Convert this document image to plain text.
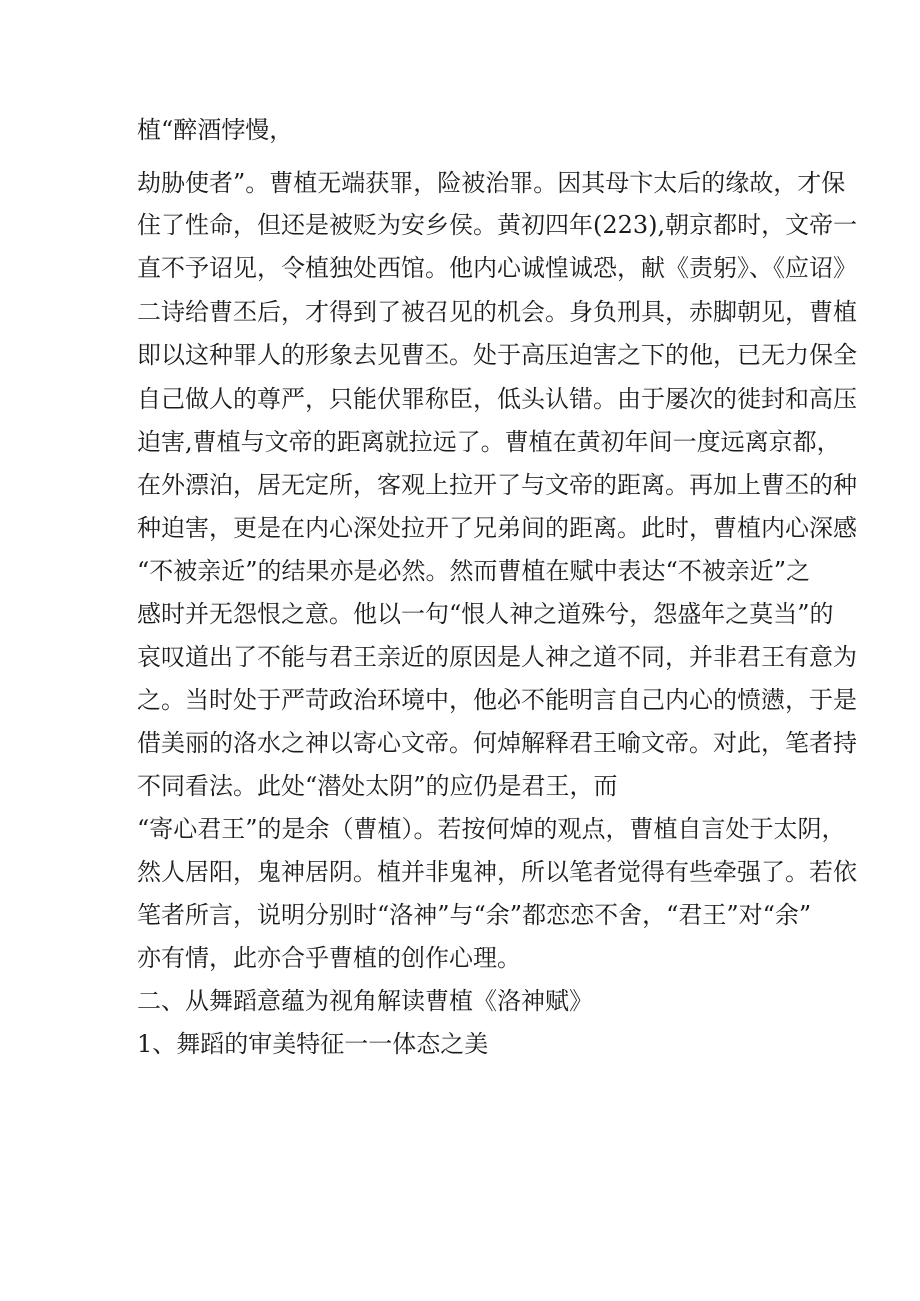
植“醉酒悖慢，

劫胁使者”。曹植无端获罪，险被治罪。因其母卞太后的缘故，才保

住了性命，但还是被贬为安乡侯。黄初四年(223),朝京都时，文帝一

直不予诏见，令植独处西馆。他内心诚惶诚恐，献《责躬》、《应诏》

二诗给曹丕后，才得到了被召见的机会。身负刑具，赤脚朝见，曹植

即以这种罪人的形象去见曹丕。处于高压迫害之下的他，已无力保全

自己做人的尊严，只能伏罪称臣，低头认错。由于屡次的徙封和高压

迫害,曹植与文帝的距离就拉远了。曹植在黄初年间一度远离京都，

在外漂泊，居无定所，客观上拉开了与文帝的距离。再加上曹丕的种

种迫害，更是在内心深处拉开了兄弟间的距离。此时，曹植内心深感

“不被亲近”的结果亦是必然。然而曹植在赋中表达“不被亲近”之

感时并无怨恨之意。他以一句“恨人神之道殊兮，怨盛年之莫当”的

哀叹道出了不能与君王亲近的原因是人神之道不同，并非君王有意为

之。当时处于严苛政治环境中，他必不能明言自己内心的愤懑，于是

借美丽的洛水之神以寄心文帝。何焯解释君王喻文帝。对此，笔者持

不同看法。此处“潜处太阴”的应仍是君王，而

“寄心君王”的是余（曹植）。若按何焯的观点，曹植自言处于太阴，

然人居阳，鬼神居阴。植并非鬼神，所以笔者觉得有些牵强了。若依

笔者所言，说明分别时“洛神”与“余”都恋恋不舍，“君王”对“余”

亦有情，此亦合乎曹植的创作心理。

二、从舞蹈意蕴为视角解读曹植《洛神赋》

1、舞蹈的审美特征一一体态之美
